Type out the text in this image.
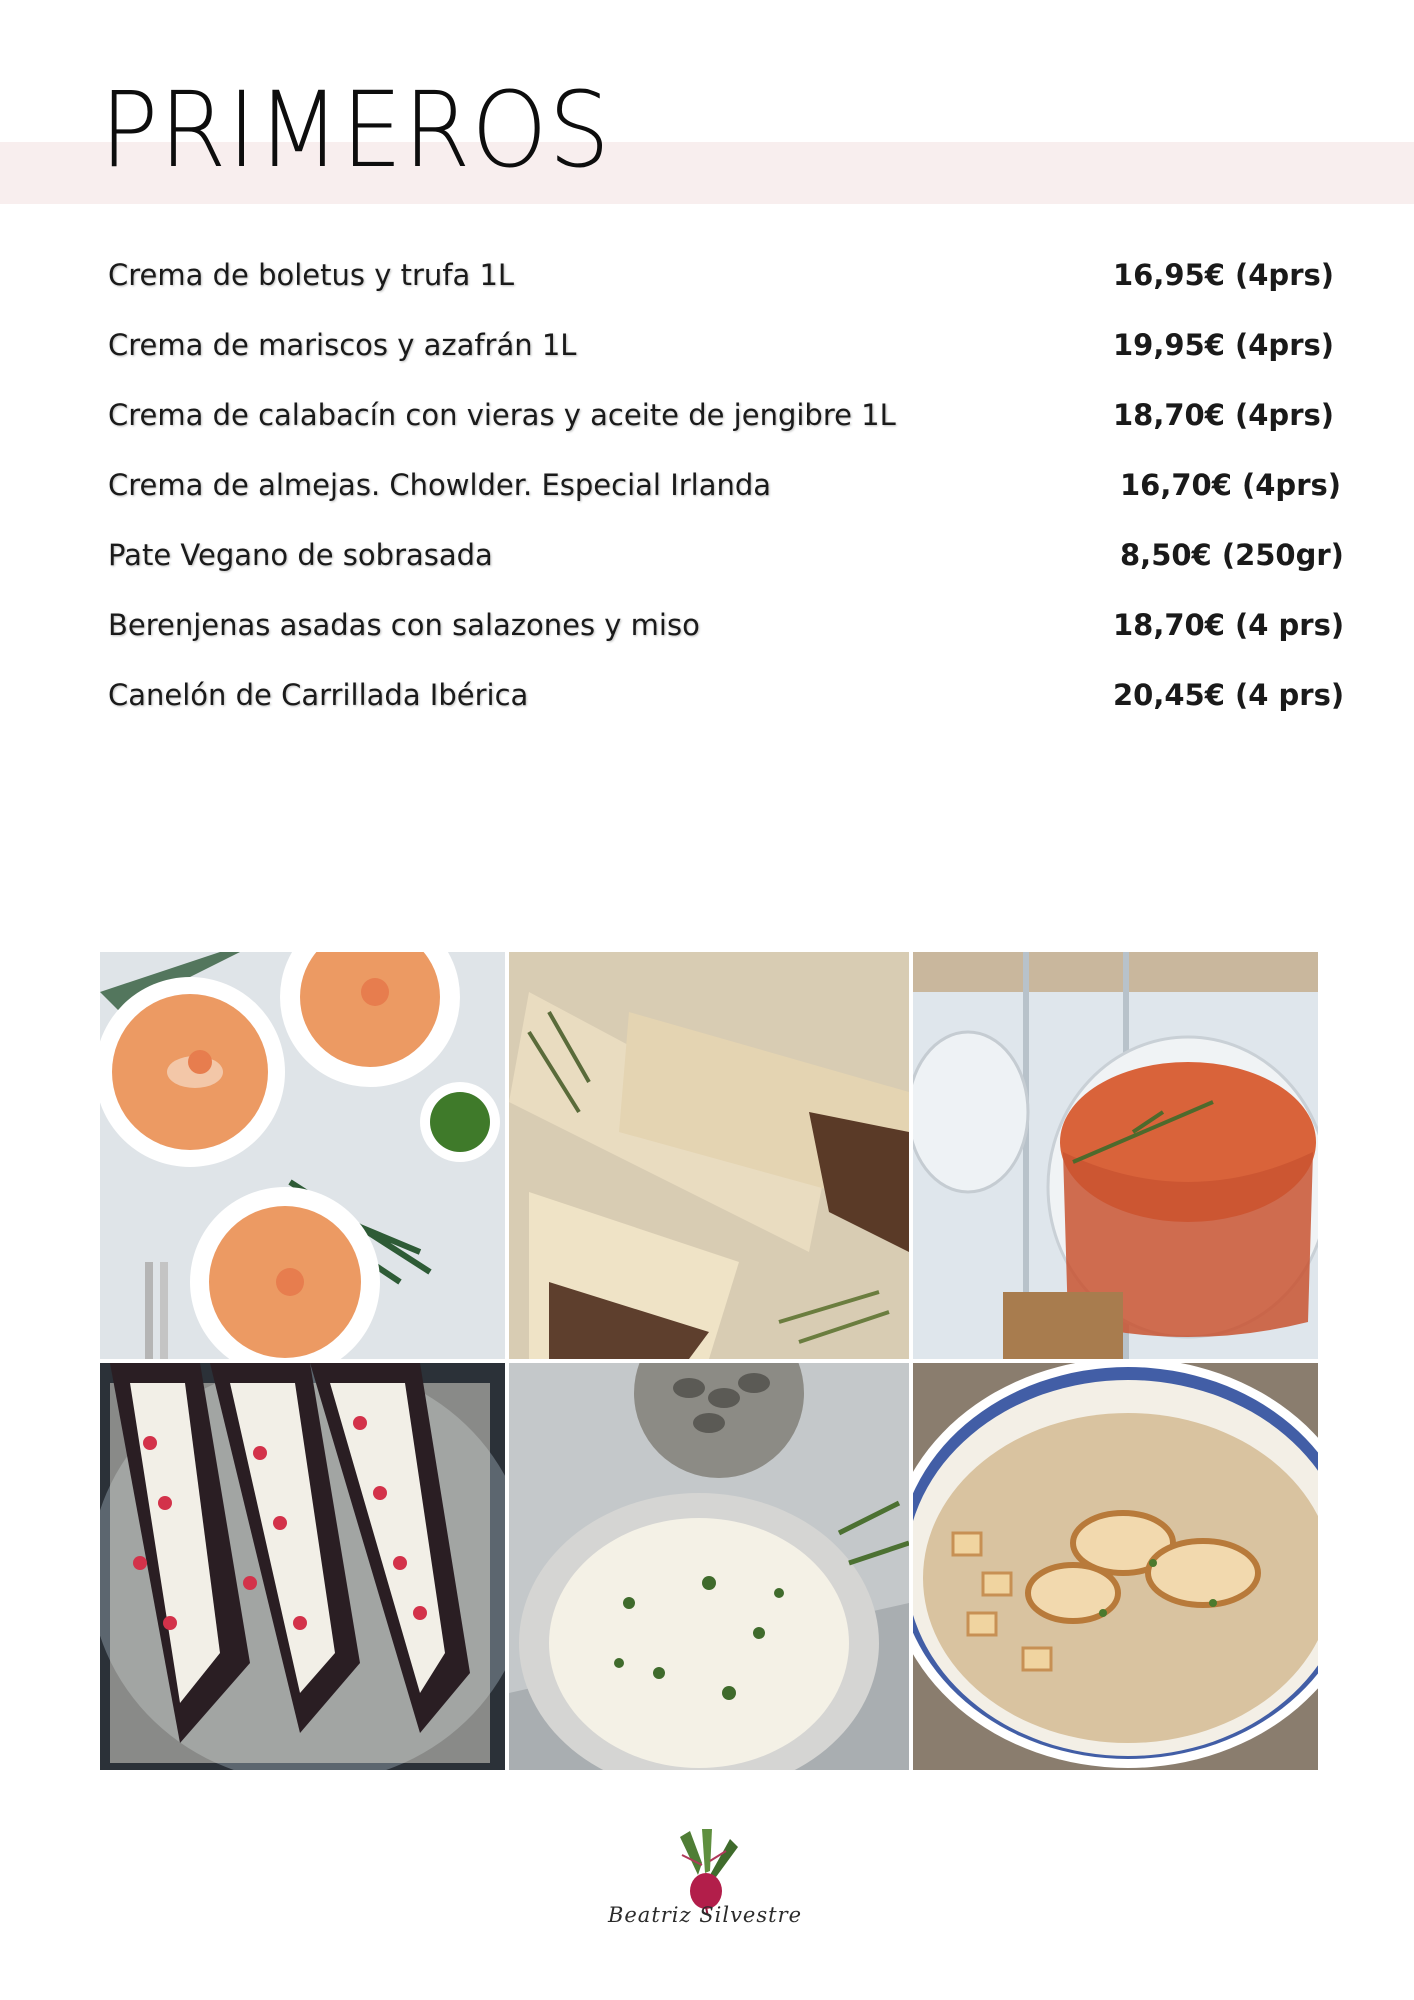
PRIMEROS
Crema de boletus y trufa 1L	16,95€ (4prs)
Crema de mariscos y azafrán 1L	19,95€ (4prs)
Crema de calabacín con vieras y aceite de jengibre 1L	18,70€ (4prs)
Crema de almejas. Chowlder. Especial Irlanda	16,70€ (4prs)
Pate Vegano de sobrasada	8,50€ (250gr)
Berenjenas asadas con salazones y miso	18,70€ (4 prs)
Canelón de Carrillada Ibérica	20,45€ (4 prs)
Beatriz Silvestre
